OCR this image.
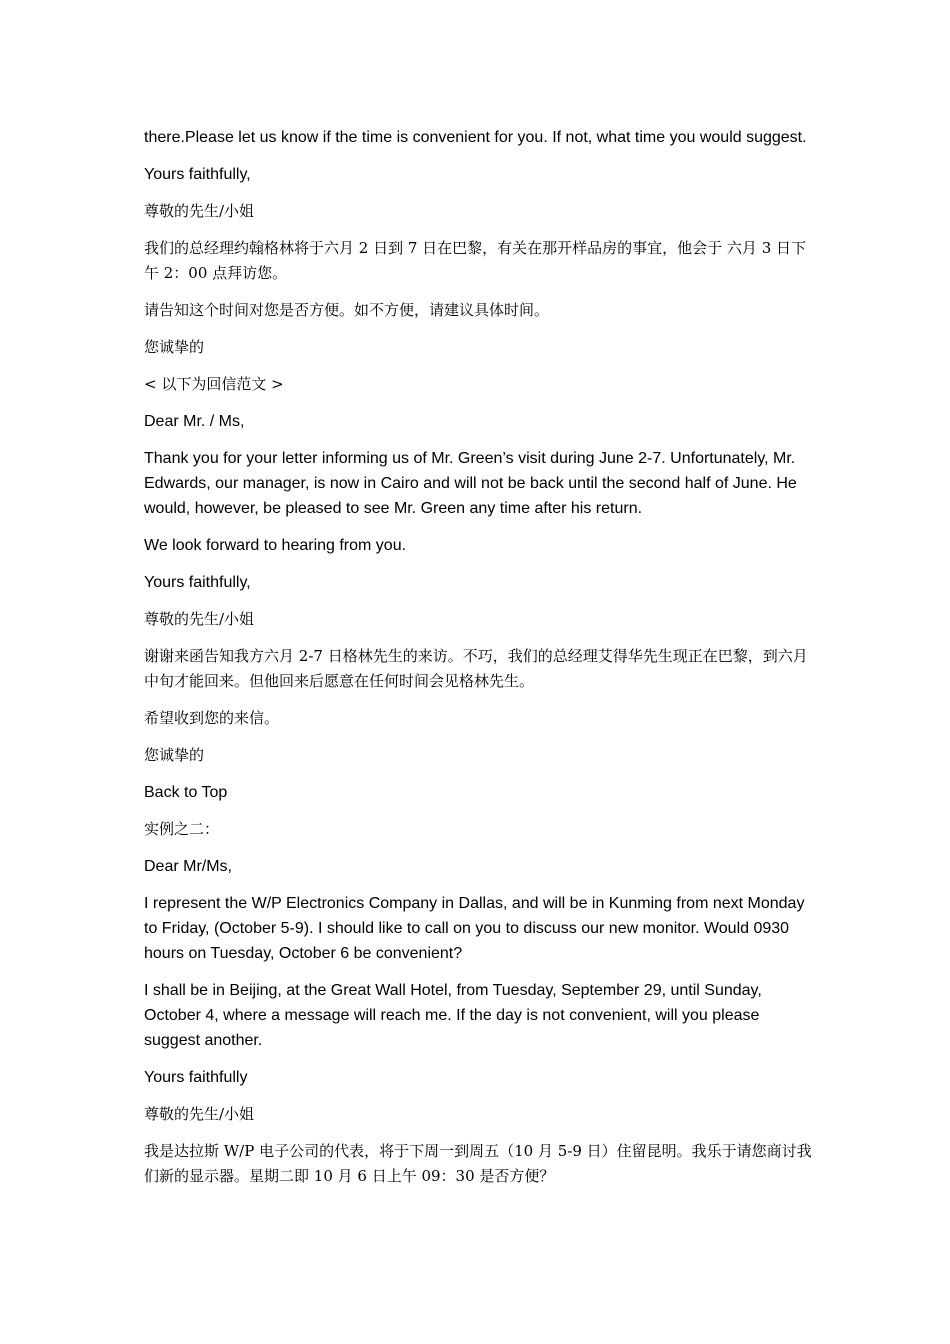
there.Please let us know if the time is convenient for you. If not, what time you would suggest.

Yours faithfully,

尊敬的先生/小姐

我们的总经理约翰格林将于六月 2 日到 7 日在巴黎，有关在那开样品房的事宜，他会于 六月 3 日下午 2：00 点拜访您。

请告知这个时间对您是否方便。如不方便，请建议具体时间。

您诚挚的

< 以下为回信范文 >

Dear Mr. / Ms,

Thank you for your letter informing us of Mr. Green’s visit during June 2-7. Unfortunately, Mr. Edwards, our manager, is now in Cairo and will not be back until the second half of June. He would, however, be pleased to see Mr. Green any time after his return.

We look forward to hearing from you.

Yours faithfully,

尊敬的先生/小姐

谢谢来函告知我方六月 2-7 日格林先生的来访。不巧，我们的总经理艾得华先生现正在巴黎，到六月中旬才能回来。但他回来后愿意在任何时间会见格林先生。

希望收到您的来信。

您诚挚的

Back to Top

实例之二：

Dear Mr/Ms,

I represent the W/P Electronics Company in Dallas, and will be in Kunming from next Monday to Friday, (October 5-9). I should like to call on you to discuss our new monitor. Would 0930 hours on Tuesday, October 6 be convenient?

I shall be in Beijing, at the Great Wall Hotel, from Tuesday, September 29, until Sunday, October 4, where a message will reach me. If the day is not convenient, will you please suggest another.

Yours faithfully

尊敬的先生/小姐

我是达拉斯 W/P 电子公司的代表，将于下周一到周五（10 月 5-9 日）住留昆明。我乐于请您商讨我们新的显示器。星期二即 10 月 6 日上午 09：30 是否方便？
